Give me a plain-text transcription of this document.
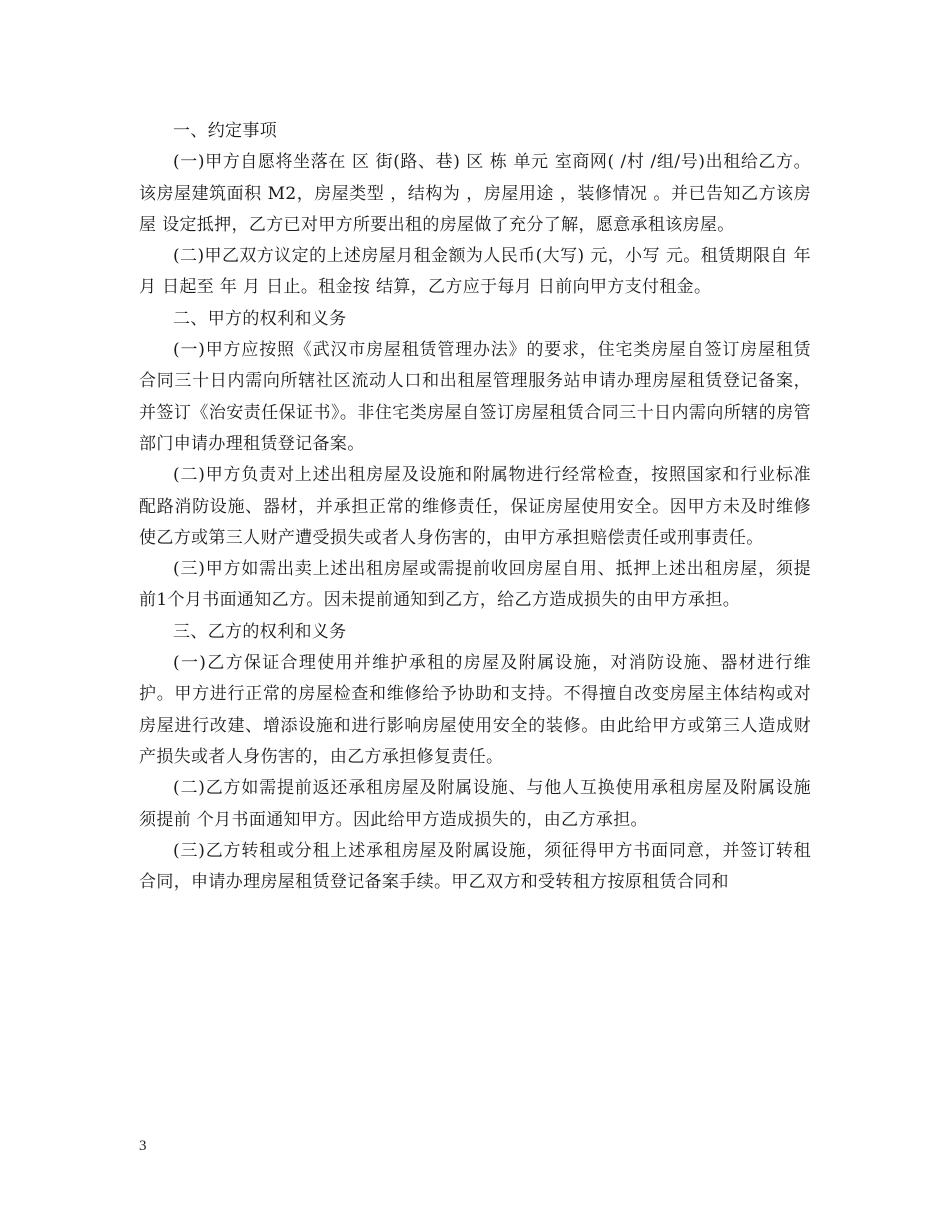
一、约定事项

(一)甲方自愿将坐落在 区 街(路、巷) 区 栋 单元 室商网( /村 /组/号)出租给乙方。该房屋建筑面积 M2，房屋类型 ，结构为 ，房屋用途 ，装修情况 。并已告知乙方该房屋 设定抵押，乙方已对甲方所要出租的房屋做了充分了解，愿意承租该房屋。

(二)甲乙双方议定的上述房屋月租金额为人民币(大写) 元，小写 元。租赁期限自 年 月 日起至 年 月 日止。租金按 结算，乙方应于每月 日前向甲方支付租金。

二、甲方的权利和义务

(一)甲方应按照《武汉市房屋租赁管理办法》的要求，住宅类房屋自签订房屋租赁合同三十日内需向所辖社区流动人口和出租屋管理服务站申请办理房屋租赁登记备案，并签订《治安责任保证书》。非住宅类房屋自签订房屋租赁合同三十日内需向所辖的房管部门申请办理租赁登记备案。

(二)甲方负责对上述出租房屋及设施和附属物进行经常检查，按照国家和行业标准配路消防设施、器材，并承担正常的维修责任，保证房屋使用安全。因甲方未及时维修使乙方或第三人财产遭受损失或者人身伤害的，由甲方承担赔偿责任或刑事责任。

(三)甲方如需出卖上述出租房屋或需提前收回房屋自用、抵押上述出租房屋，须提前1个月书面通知乙方。因未提前通知到乙方，给乙方造成损失的由甲方承担。

三、乙方的权利和义务

(一)乙方保证合理使用并维护承租的房屋及附属设施，对消防设施、器材进行维护。甲方进行正常的房屋检查和维修给予协助和支持。不得擅自改变房屋主体结构或对房屋进行改建、增添设施和进行影响房屋使用安全的装修。由此给甲方或第三人造成财产损失或者人身伤害的，由乙方承担修复责任。

(二)乙方如需提前返还承租房屋及附属设施、与他人互换使用承租房屋及附属设施须提前 个月书面通知甲方。因此给甲方造成损失的，由乙方承担。

(三)乙方转租或分租上述承租房屋及附属设施，须征得甲方书面同意，并签订转租合同，申请办理房屋租赁登记备案手续。甲乙双方和受转租方按原租赁合同和

3
